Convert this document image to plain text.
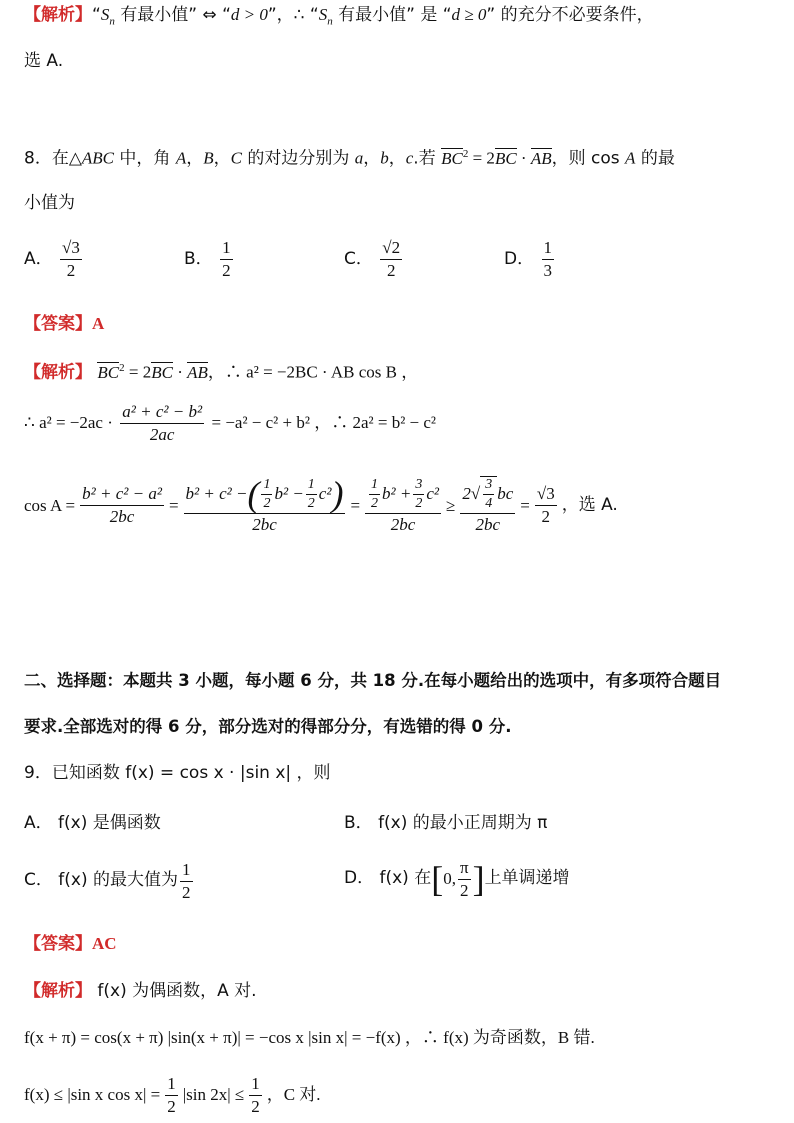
【解析】“$S_n$ 有最小值” ⇔ “d > 0”，∴ “$S_n$ 有最小值” 是 “d ≥ 0” 的充分不必要条件，
选 A.
8．在△ABC 中，角 A，B，C 的对边分别为 a，b，c.若 $BC^2 = 2BC$ · AB，则 cos A 的最
小值为
A． $\frac{√3}{2}$	B． $\frac{1}{2}$	C． $\frac{√2}{2}$	D． $\frac{1}{3}$
【答案】A
【解析】 $BC^2 = 2BC$ · AB，∴ a² = −2BC · AB cos B ，
∴ $a^2 = -2ac \cdot \frac{\text{a² + c² − b²}}{2ac} = -a^2 - c^2 + b^2$ ，∴ 2a² = b² − c²
$\cos A = \frac{\text{b² + c² − a²}}{2bc} = \frac{b^2 + c^2 - ( \frac{1}{2} b^2 - \frac{1}{2} c^2 )}{2bc} = \frac{\frac{1}{2} b^2 + \frac{3}{2} c^2}{2bc} \ge \frac{2√ \frac{3}{4} bc}{2bc} = \frac{√3}{2}$ ，选 A.
二、选择题：本题共 3 小题，每小题 6 分，共 18 分.在每小题给出的选项中，有多项符合题目
要求.全部选对的得 6 分，部分选对的得部分分，有选错的得 0 分.
9．已知函数 f(x) = cos x · |sin x| ，则
A． f(x) 是偶函数	B． f(x) 的最小正周期为 π
C． f(x) 的最大值为 $\frac{1}{2}$	D． f(x) 在 [ 0, $\frac{\pi}{2}$ ] 上单调递增
【答案】AC
【解析】 f(x) 为偶函数，A 对.
f(x + π) = cos(x + π) |sin(x + π)| = −cos x |sin x| = −f(x) ，∴ f(x) 为奇函数，B 错.
f(x) ≤ |sin x $\cos x| = \frac{1}{2} |\sin$ $2x| \le \frac{1}{2}$ ，C 对.
